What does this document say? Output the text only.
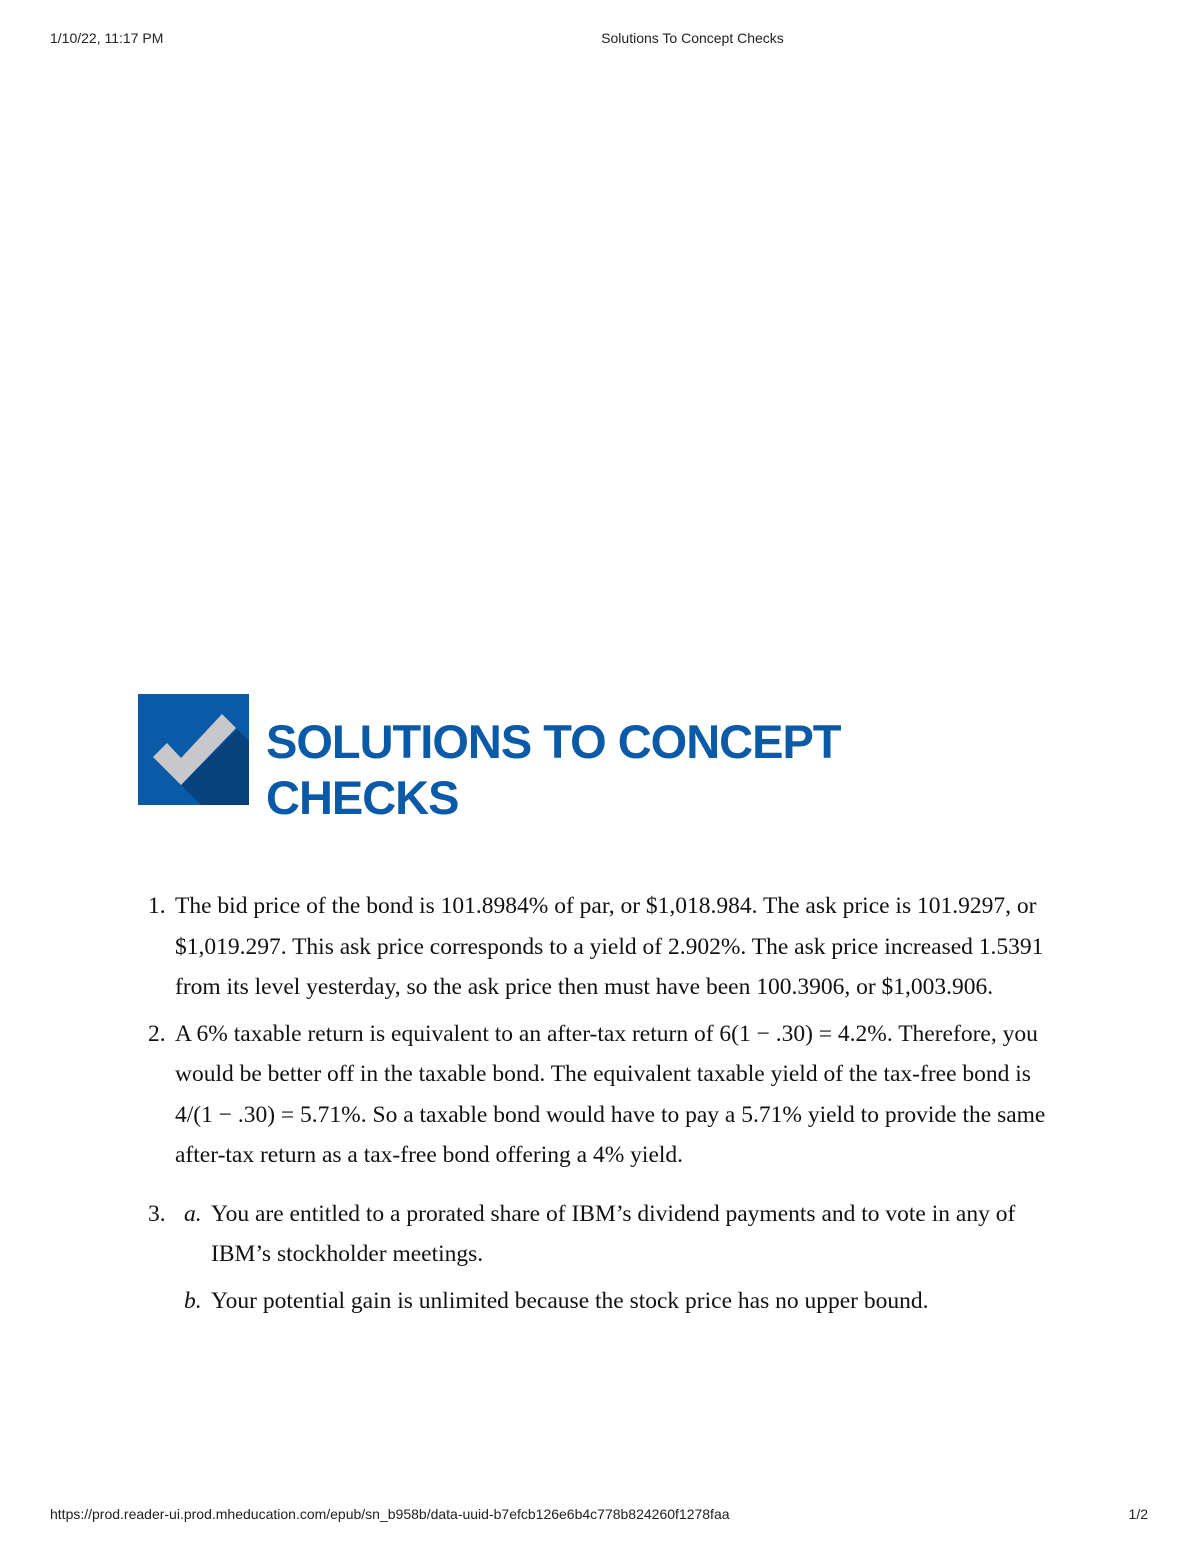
1/10/22, 11:17 PM	Solutions To Concept Checks
SOLUTIONS TO CONCEPT
CHECKS
1. The bid price of the bond is 101.8984% of par, or $1,018.984. The ask price is 101.9297, or $1,019.297. This ask price corresponds to a yield of 2.902%. The ask price increased 1.5391 from its level yesterday, so the ask price then must have been 100.3906, or $1,003.906.
2. A 6% taxable return is equivalent to an after-tax return of 6(1 − .30) = 4.2%. Therefore, you would be better off in the taxable bond. The equivalent taxable yield of the tax-free bond is 4/(1 − .30) = 5.71%. So a taxable bond would have to pay a 5.71% yield to provide the same after-tax return as a tax-free bond offering a 4% yield.
3. a. You are entitled to a prorated share of IBM’s dividend payments and to vote in any of IBM’s stockholder meetings.
b. Your potential gain is unlimited because the stock price has no upper bound.
https://prod.reader-ui.prod.mheducation.com/epub/sn_b958b/data-uuid-b7efcb126e6b4c778b824260f1278faa	1/2
